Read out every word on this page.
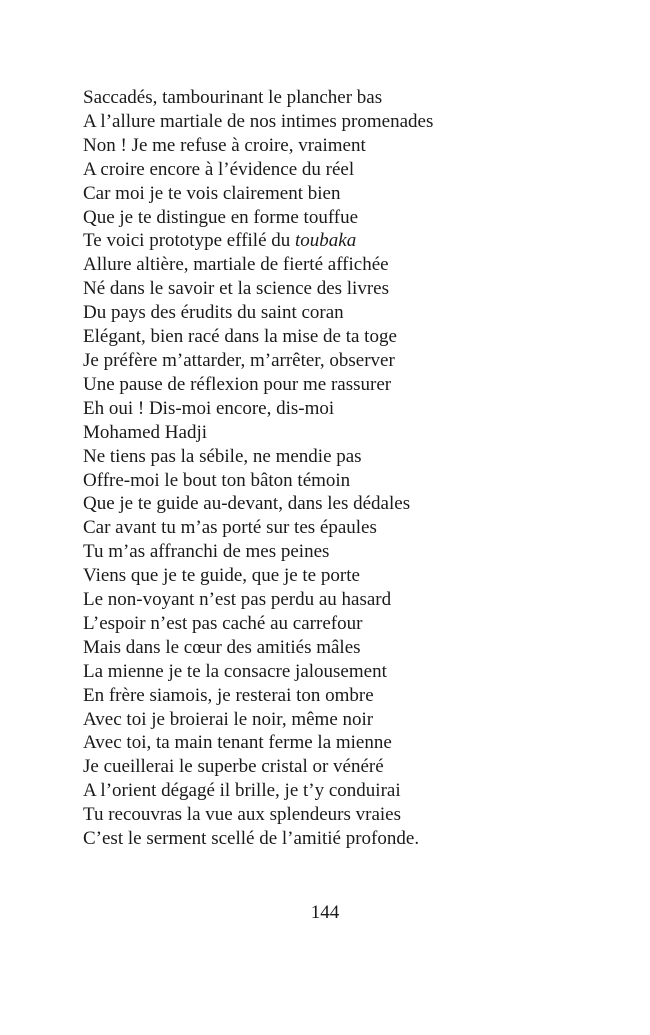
Saccadés, tambourinant le plancher bas
A l’allure martiale de nos intimes promenades
Non ! Je me refuse à croire, vraiment
A croire encore à l’évidence du réel
Car moi je te vois clairement bien
Que je te distingue en forme touffue
Te voici prototype effilé du toubaka
Allure altière, martiale de fierté affichée
Né dans le savoir et la science des livres
Du pays des érudits du saint coran
Elégant, bien racé dans la mise de ta toge
Je préfère m’attarder, m’arrêter, observer
Une pause de réflexion pour me rassurer
Eh oui ! Dis-moi encore, dis-moi
Mohamed Hadji
Ne tiens pas la sébile, ne mendie pas
Offre-moi le bout ton bâton témoin
Que je te guide au-devant, dans les dédales
Car avant tu m’as porté sur tes épaules
Tu m’as affranchi de mes peines
Viens que je te guide, que je te porte
Le non-voyant n’est pas perdu au hasard
L’espoir n’est pas caché au carrefour
Mais dans le cœur des amitiés mâles
La mienne je te la consacre jalousement
En frère siamois, je resterai ton ombre
Avec toi je broierai le noir, même noir
Avec toi, ta main tenant ferme la mienne
Je cueillerai le superbe cristal or vénéré
A l’orient dégagé il brille, je t’y conduirai
Tu recouvras la vue aux splendeurs vraies
C’est le serment scellé de l’amitié profonde.
144
